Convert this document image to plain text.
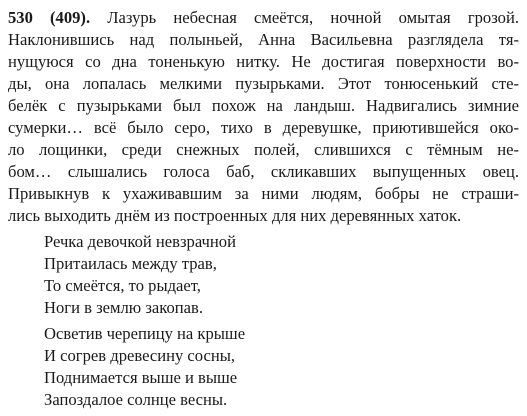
530 (409). Лазурь небесная смеётся, ночной омытая грозой.
Наклонившись над полыньей, Анна Васильевна разглядела тя-
нущуюся со дна тоненькую нитку. Не достигая поверхности во-
ды, она лопалась мелкими пузырьками. Этот тонюсенький сте-
белёк с пузырьками был похож на ландыш. Надвигались зимние
сумерки… всё было серо, тихо в деревушке, приютившейся око-
ло лощинки, среди снежных полей, слившихся с тёмным не-
бом… слышались голоса баб, скликавших выпущенных овец.
Привыкнув к ухаживавшим за ними людям, бобры не страши-
лись выходить днём из построенных для них деревянных хаток.
Речка девочкой невзрачной
Притаилась между трав,
То смеётся, то рыдает,
Ноги в землю закопав.
Осветив черепицу на крыше
И согрев древесину сосны,
Поднимается выше и выше
Запоздалое солнце весны.
